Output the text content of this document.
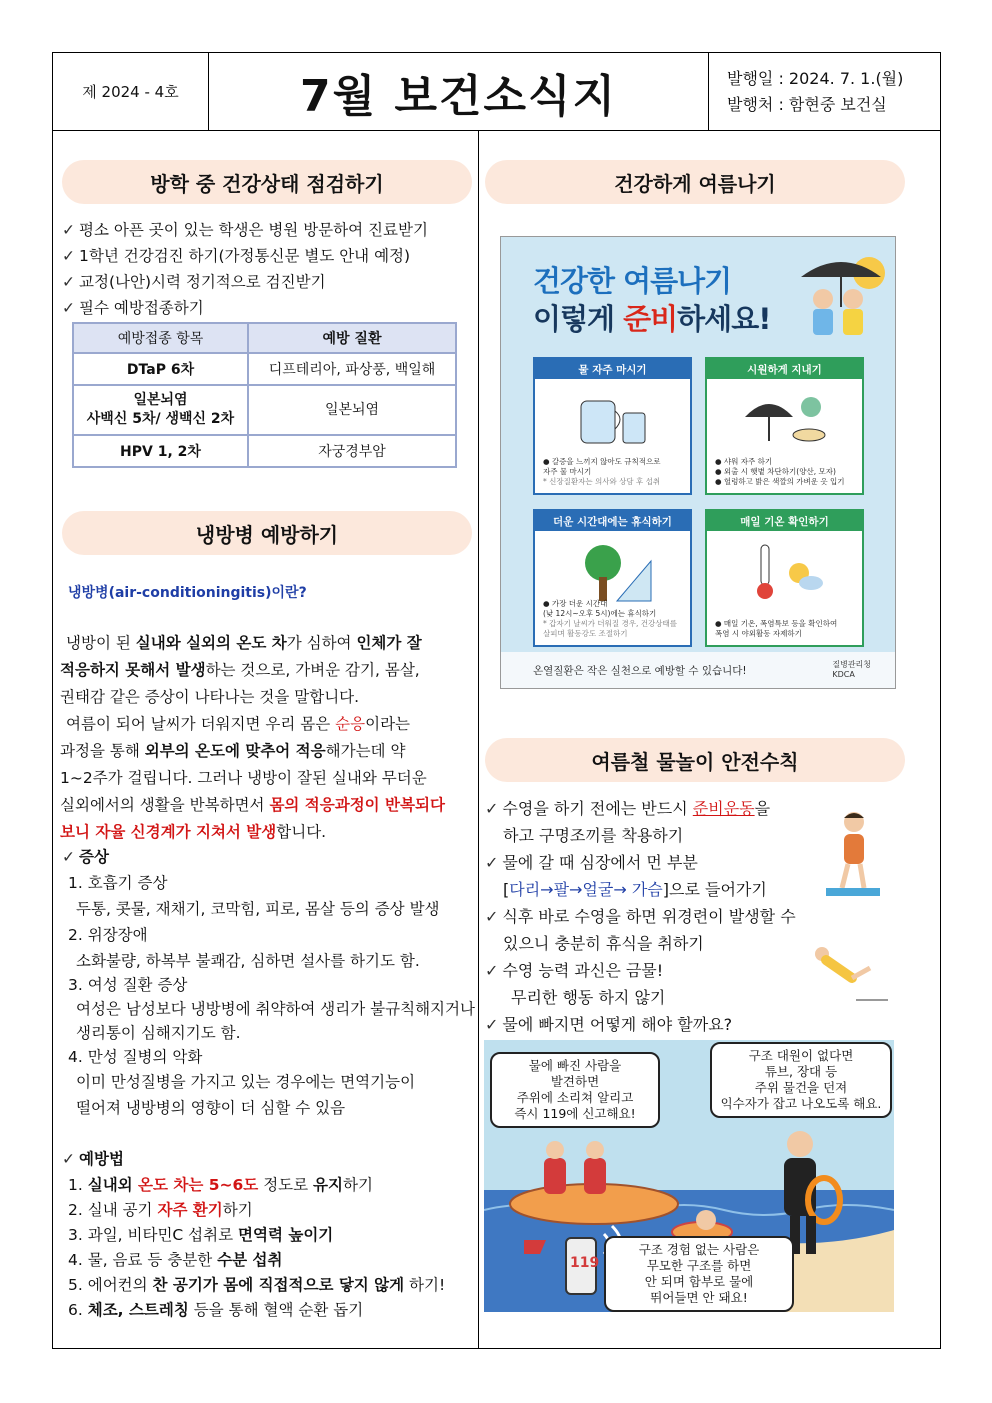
제 2024 - 4호	7월 보건소식지	발행일 : 2024. 7. 1.(월)
발행처 : 함현중 보건실
방학 중 건강상태 점검하기
✓ 평소 아픈 곳이 있는 학생은 병원 방문하여 진료받기
✓ 1학년 건강검진 하기(가정통신문 별도 안내 예정)
✓ 교정(나안)시력 정기적으로 검진받기
✓ 필수 예방접종하기
예방접종 항목	예방 질환
DTaP 6차	디프테리아, 파상풍, 백일해

일본뇌염
사백신 5차/ 생백신 2차	일본뇌염
HPV 1, 2차	자궁경부암
냉방병 예방하기
냉방병(air-conditioningitis)이란?
냉방이 된 실내와 실외의 온도 차가 심하여 인체가 잘
적응하지 못해서 발생하는 것으로, 가벼운 감기, 몸살,
권태감 같은 증상이 나타나는 것을 말합니다.
여름이 되어 날씨가 더워지면 우리 몸은 순응이라는
과정을 통해 외부의 온도에 맞추어 적응해가는데 약
1~2주가 걸립니다. 그러나 냉방이 잘된 실내와 무더운
실외에서의 생활을 반복하면서 몸의 적응과정이 반복되다
보니 자율 신경계가 지쳐서 발생합니다.
✓ 증상
1. 호흡기 증상
두통, 콧물, 재채기, 코막힘, 피로, 몸살 등의 증상 발생
2. 위장장애
소화불량, 하복부 불쾌감, 심하면 설사를 하기도 함.
3. 여성 질환 증상
여성은 남성보다 냉방병에 취약하여 생리가 불규칙해지거나
생리통이 심해지기도 함.
4. 만성 질병의 악화
이미 만성질병을 가지고 있는 경우에는 면역기능이
떨어져 냉방병의 영향이 더 심할 수 있음
✓ 예방법
1. 실내외 온도 차는 5~6도 정도로 유지하기
2. 실내 공기 자주 환기하기
3. 과일, 비타민C 섭취로 면역력 높이기
4. 물, 음료 등 충분한 수분 섭취
5. 에어컨의 찬 공기가 몸에 직접적으로 닿지 않게 하기!
6. 체조, 스트레칭 등을 통해 혈액 순환 돕기
건강하게 여름나기
건강한 여름나기
이렇게 준비하세요!
물 자주 마시기
● 갈증을 느끼지 않아도 규칙적으로
자주 물 마시기
* 신장질환자는 의사와 상담 후 섭취
시원하게 지내기
● 샤워 자주 하기
● 외출 시 햇볕 차단하기(양산, 모자)
● 헐렁하고 밝은 색깔의 가벼운 옷 입기
더운 시간대에는 휴식하기
● 가장 더운 시간대
(낮 12시~오후 5시)에는 휴식하기
* 갑자기 날씨가 더워질 경우, 건강상태를 살피며 활동강도 조절하기
매일 기온 확인하기
● 매일 기온, 폭염특보 등을 확인하여
폭염 시 야외활동 자제하기
온열질환은 작은 실천으로 예방할 수 있습니다!	질병관리청
KDCA
여름철 물놀이 안전수칙
✓ 수영을 하기 전에는 반드시 준비운동을
하고 구명조끼를 착용하기
✓ 물에 갈 때 심장에서 먼 부분
[다리→팔→얼굴→ 가슴]으로 들어가기
✓ 식후 바로 수영을 하면 위경련이 발생할 수
있으니 충분히 휴식을 취하기
✓ 수영 능력 과신은 금물!
무리한 행동 하지 않기
✓ 물에 빠지면 어떻게 해야 할까요?
119
물에 빠진 사람을
발견하면
주위에 소리쳐 알리고
즉시 119에 신고해요!
구조 대원이 없다면
튜브, 장대 등
주위 물건을 던져
익수자가 잡고 나오도록 해요.
구조 경험 없는 사람은
무모한 구조를 하면
안 되며 함부로 물에
뛰어들면 안 돼요!
